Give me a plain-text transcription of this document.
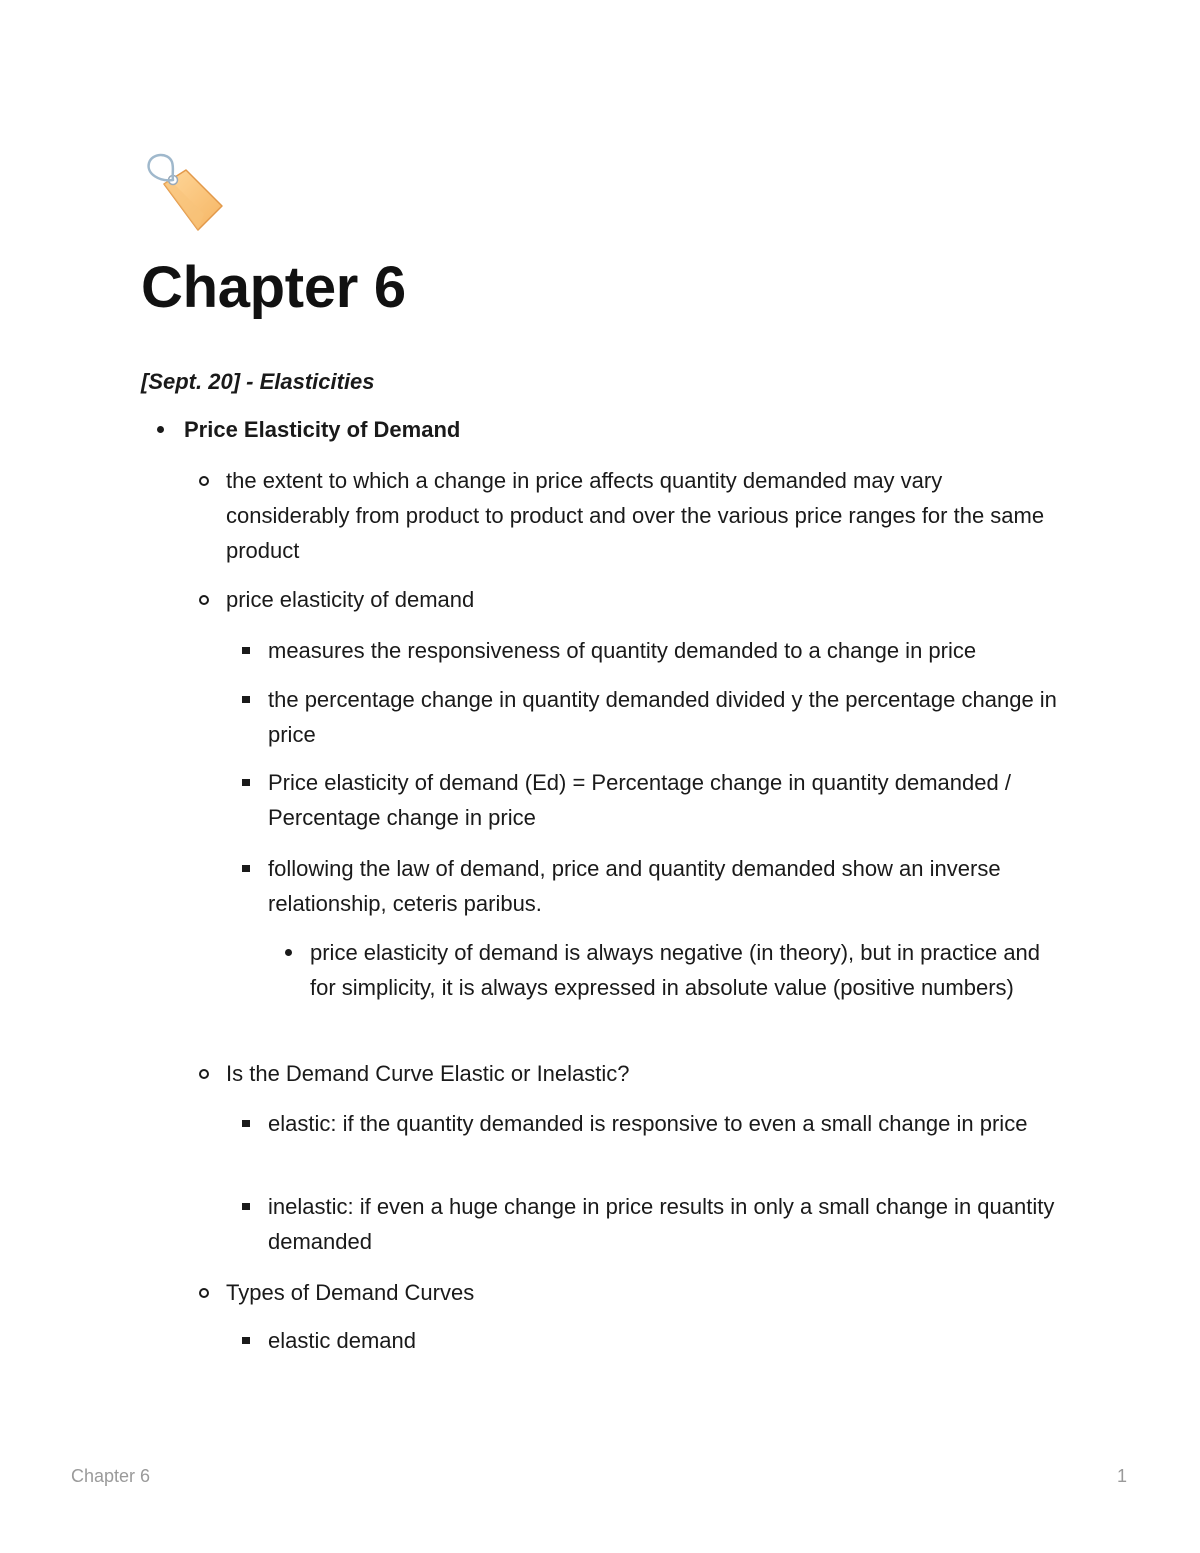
Chapter 6

[Sept. 20] - Elasticities

Price Elasticity of Demand
the extent to which a change in price affects quantity demanded may vary considerably from product to product and over the various price ranges for the same product
price elasticity of demand
measures the responsiveness of quantity demanded to a change in price
the percentage change in quantity demanded divided y the percentage change in price
Price elasticity of demand (Ed) = Percentage change in quantity demanded / Percentage change in price
following the law of demand, price and quantity demanded show an inverse relationship, ceteris paribus.
price elasticity of demand is always negative (in theory), but in practice and for simplicity, it is always expressed in absolute value (positive numbers)
Is the Demand Curve Elastic or Inelastic?
elastic: if the quantity demanded is responsive to even a small change in price
inelastic: if even a huge change in price results in only a small change in quantity demanded
Types of Demand Curves
elastic demand
Chapter 6	1
